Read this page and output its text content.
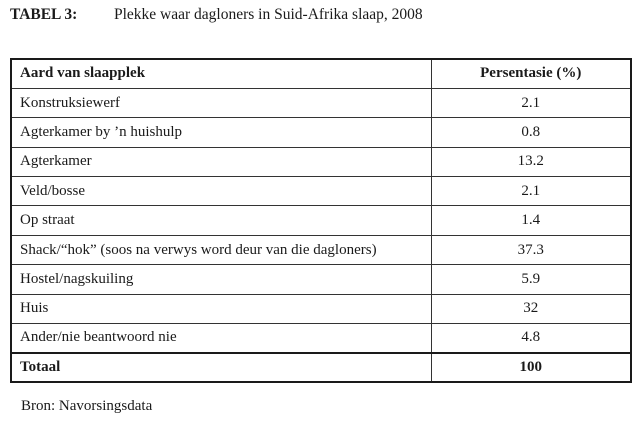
TABEL 3: Plekke waar dagloners in Suid-Afrika slaap, 2008
Aard van slaapplek	Persentasie (%)
Konstruksiewerf	2.1
Agterkamer by ’n huishulp	0.8
Agterkamer	13.2
Veld/bosse	2.1
Op straat	1.4
Shack/“hok” (soos na verwys word deur van die dagloners)	37.3
Hostel/nagskuiling	5.9
Huis	32
Ander/nie beantwoord nie	4.8
Totaal	100
Bron: Navorsingsdata
